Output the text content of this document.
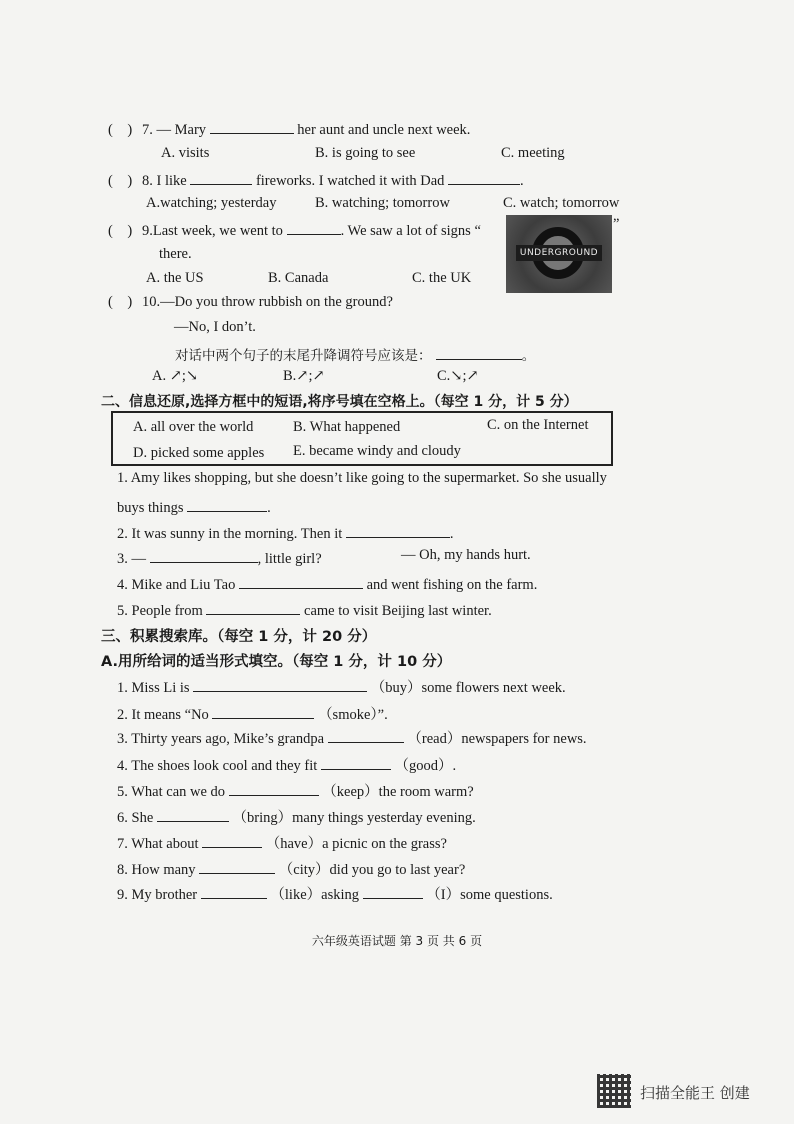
(    ) 7. — Mary	her aunt and uncle next week.
A. visits	B. is going to see	C. meeting
(    ) 8. I like	fireworks. I watched it with Dad	.
A.watching; yesterday	B. watching; tomorrow	C. watch; tomorrow
(    ) 9.Last week, we went to	. We saw a lot of signs “
UNDERGROUND
”
there.
A. the US	B. Canada	C. the UK
(    ) 10.—Do you throw rubbish on the ground?
—No, I don’t.
对话中两个句子的末尾升降调符号应该是：	。
A. ↗;↘	B.↗;↗	C.↘;↗
二、信息还原,选择方框中的短语,将序号填在空格上。（每空 1 分，计 5 分）
A. all over the world	B. What happened	C. on the Internet
D. picked some apples E. became windy and cloudy
1. Amy likes shopping, but she doesn’t like going to the supermarket. So she usually
buys things	.
2. It was sunny in the morning. Then it	.
3. —	, little girl?	— Oh, my hands hurt.
4. Mike and Liu Tao	and went fishing on the farm.
5. People from	came to visit Beijing last winter.
三、积累搜索库。（每空 1 分，计 20 分）
A.用所给词的适当形式填空。（每空 1 分，计 10 分）
1. Miss Li is	（buy）some flowers next week.
2. It means “No	（smoke）”.
3. Thirty years ago, Mike’s grandpa	（read）newspapers for news.
4. The shoes look cool and they fit	（good）.
5. What can we do	（keep）the room warm?
6. She	（bring）many things yesterday evening.
7. What about	（have）a picnic on the grass?
8. How many	（city）did you go to last year?
9. My brother	（like）asking	（I）some questions.
六年级英语试题 第 3 页 共 6 页
扫描全能王 创建
